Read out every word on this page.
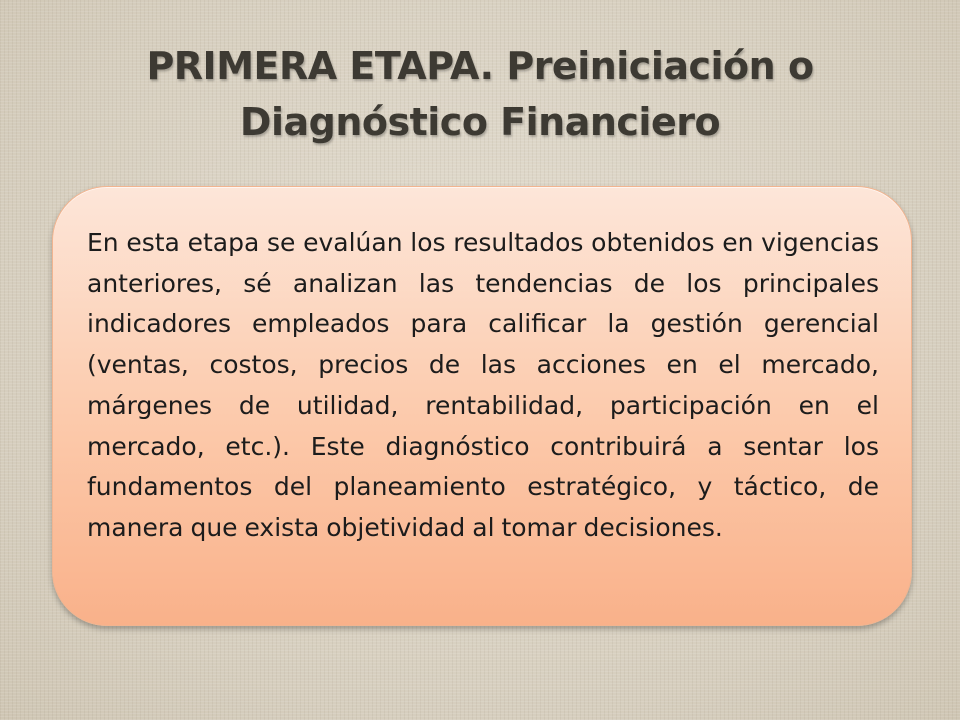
PRIMERA ETAPA. Preiniciación o
Diagnóstico Financiero

En esta etapa se evalúan los resultados obtenidos en vigencias anteriores, sé analizan las tendencias de los principales indicadores empleados para calificar la gestión gerencial (ventas, costos, precios de las acciones en el mercado, márgenes de utilidad, rentabilidad, participación en el mercado, etc.). Este diagnóstico contribuirá a sentar los fundamentos del planeamiento estratégico, y táctico, de manera que exista objetividad al tomar decisiones.
